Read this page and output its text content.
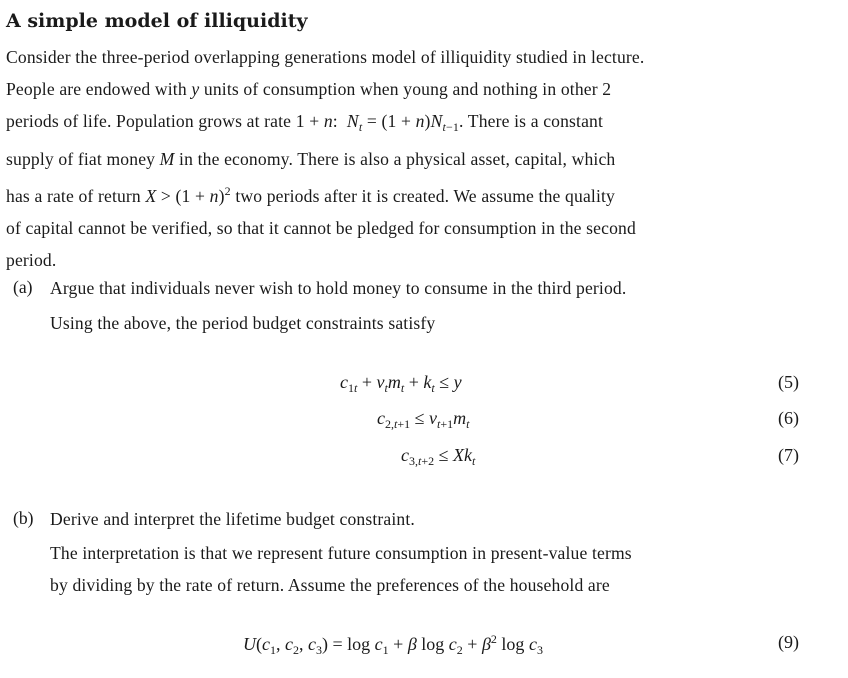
A simple model of illiquidity
Consider the three-period overlapping generations model of illiquidity studied in lecture.
People are endowed with y units of consumption when young and nothing in other 2
periods of life. Population grows at rate 1 + n:  $N_t = (1 + n)N_{t-1}$. There is a constant
supply of fiat money M in the economy. There is also a physical asset, capital, which
has a rate of return $X > (1 + n)^2$ two periods after it is created. We assume the quality
of capital cannot be verified, so that it cannot be pledged for consumption in the second
period.
(a) Argue that individuals never wish to hold money to consume in the third period.
Using the above, the period budget constraints satisfy
$c_{1t} + \nu_tm_t + k_t \le y$	(5)
$c_{2,t+1} \le \nu_{t+1}m_t$	(6)
$c_{3,t+2} \le Xk_t$	(7)
(b) Derive and interpret the lifetime budget constraint.
The interpretation is that we represent future consumption in present-value terms
by dividing by the rate of return. Assume the preferences of the household are
$U(c_1$, $c_2$, $c_3) = \log c_1 + \beta$ $\log c_2 + \beta^2$ $\log c_3$	(9)
